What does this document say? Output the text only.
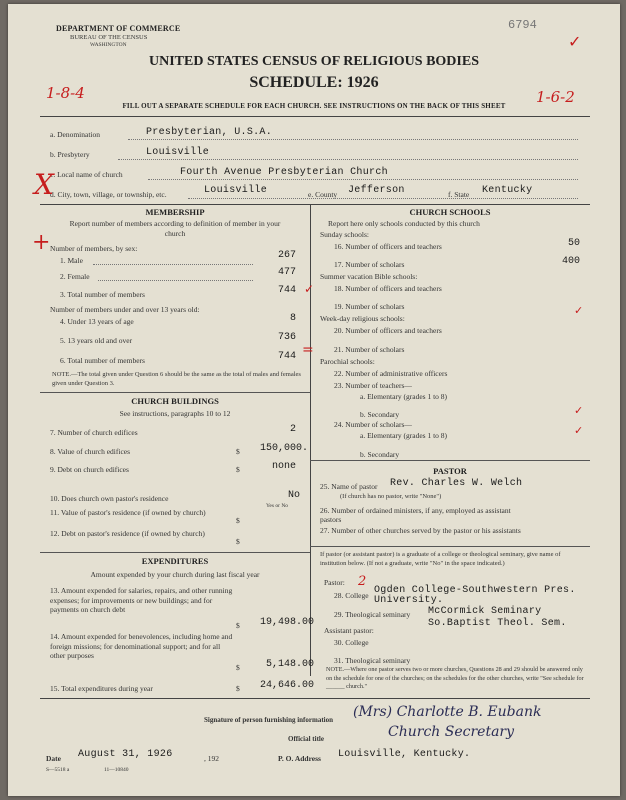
DEPARTMENT OF COMMERCE
BUREAU OF THE CENSUS
WASHINGTON
6794
✓
UNITED STATES CENSUS OF RELIGIOUS BODIES
SCHEDULE: 1926
1-8-4	1-6-2
FILL OUT A SEPARATE SCHEDULE FOR EACH CHURCH. SEE INSTRUCTIONS ON THE BACK OF THIS SHEET
a. Denomination	Presbyterian, U.S.A.
b. Presbytery	Louisville
c. Local name of church	Fourth Avenue Presbyterian Church
d. City, town, village, or township, etc.	Louisville	e. County Jefferson	f. State Kentucky
X
+
MEMBERSHIP
Report number of members according to definition of member in your church
Number of members, by sex:
1. Male	267
2. Female	477
3. Total number of members	744
Number of members under and over 13 years old:
4. Under 13 years of age	8
5. 13 years old and over	736
6. Total number of members	744
✓
=
NOTE.—The total given under Question 6 should be the same as the total of males and females given under Question 3.
CHURCH BUILDINGS
See instructions, paragraphs 10 to 12
7. Number of church edifices	2
8. Value of church edifices	$	150,000.
9. Debt on church edifices	$	none
10. Does church own pastor's residence	No
Yes or No
11. Value of pastor's residence (if owned by church)
$
12. Debt on pastor's residence (if owned by church)
$
EXPENDITURES
Amount expended by your church during last fiscal year
13. Amount expended for salaries, repairs, and other running expenses; for improvements or new buildings; and for payments on church debt
$	19,498.00
14. Amount expended for benevolences, including home and foreign missions; for denominational support; and for all other purposes
$	5,148.00
15. Total expenditures during year	$	24,646.00
CHURCH SCHOOLS
Report here only schools conducted by this church
Sunday schools:
16. Number of officers and teachers	50
17. Number of scholars	400
Summer vacation Bible schools:
18. Number of officers and teachers
19. Number of scholars
Week-day religious schools:
20. Number of officers and teachers
21. Number of scholars
Parochial schools:
22. Number of administrative officers
23. Number of teachers—
a. Elementary (grades 1 to 8)
b. Secondary
24. Number of scholars—
a. Elementary (grades 1 to 8)
b. Secondary
✓
✓
✓
PASTOR
25. Name of pastor Rev. Charles W. Welch
(If church has no pastor, write "None")
26. Number of ordained ministers, if any, employed as assistant pastors
27. Number of other churches served by the pastor or his assistants
If pastor (or assistant pastor) is a graduate of a college or theological seminary, give name of institution below. (If not a graduate, write "No" in the space indicated.)
Pastor: 2
28. College Ogden College-Southwestern Pres. University.
29. Theological seminary McCormick Seminary
So.Baptist Theol. Sem.
Assistant pastor:
30. College
31. Theological seminary
NOTE.—Where one pastor serves two or more churches, Questions 28 and 29 should be answered only on the schedule for one of the churches; on the schedules for the other churches, write "See schedule for ______ church."
Signature of person furnishing information (Mrs) Charlotte B. Eubank
Official title	Church Secretary
Date August 31, 1926	, 192	P. O. Address Louisville, Kentucky.
S—5518 a	11—10840
